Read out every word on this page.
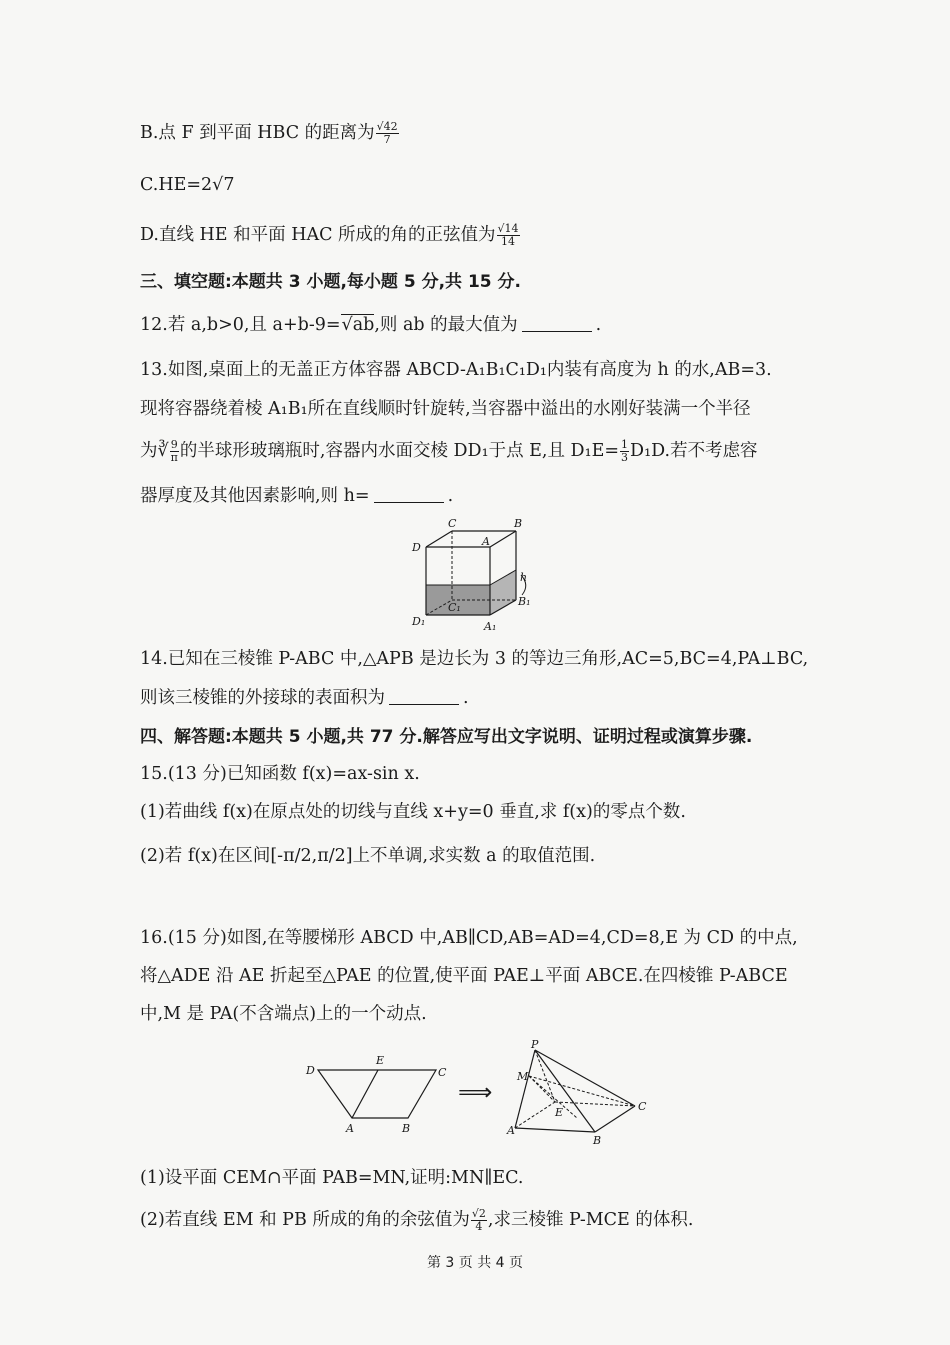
B.点 F 到平面 HBC 的距离为 $\frac{√42}{7}$
C.HE=2√7
D.直线 HE 和平面 HAC 所成的角的正弦值为 $\frac{√14}{14}$
三、填空题:本题共 3 小题,每小题 5 分,共 15 分.
12.若 a,b>0,且 a+b-9=√ab,则 ab 的最大值为	.
13.如图,桌面上的无盖正方体容器 ABCD-A₁B₁C₁D₁内装有高度为 h 的水,AB=3.
现将容器绕着棱 A₁B₁所在直线顺时针旋转,当容器中溢出的水刚好装满一个半径
为∛ $\frac{9}{\pi}$ 的半球形玻璃瓶时,容器内水面交棱 DD₁于点 E,且 $D_1E= \frac{1}{3} D_1D$.若不考虑容
器厚度及其他因素影响,则 h=	.
C	B
D	A
h
B₁
C₁
D₁	A₁
14.已知在三棱锥 P-ABC 中,△APB 是边长为 3 的等边三角形,AC=5,BC=4,PA⊥BC,
则该三棱锥的外接球的表面积为	.
四、解答题:本题共 5 小题,共 77 分.解答应写出文字说明、证明过程或演算步骤.
15.(13 分)已知函数 f(x)=ax-sin x.
(1)若曲线 f(x)在原点处的切线与直线 x+y=0 垂直,求 f(x)的零点个数.
(2)若 f(x)在区间[-π/2,π/2]上不单调,求实数 a 的取值范围.
16.(15 分)如图,在等腰梯形 ABCD 中,AB∥CD,AB=AD=4,CD=8,E 为 CD 的中点,
将△ADE 沿 AE 折起至△PAE 的位置,使平面 PAE⊥平面 ABCE.在四棱锥 P-ABCE
中,M 是 PA(不含端点)上的一个动点.
D
E
C
A	B
⟹
P
M
E	C
A
B
(1)设平面 CEM∩平面 PAB=MN,证明:MN∥EC.
(2)若直线 EM 和 PB 所成的角的余弦值为 $\frac{√2}{4}$ ,求三棱锥 P-MCE 的体积.
第 3 页 共 4 页
